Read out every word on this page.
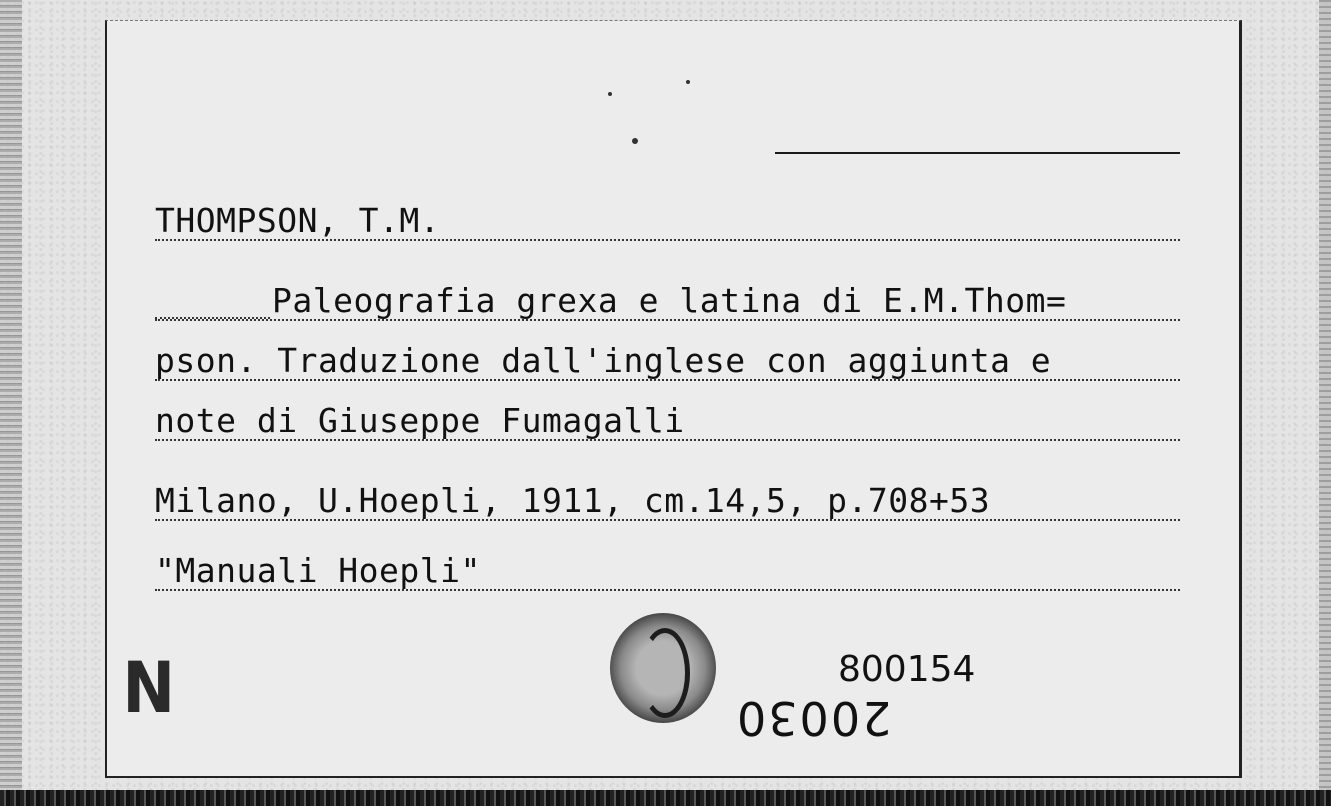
THOMPSON, T.M.
Paleografia grexa e latina di E.M.Thom=
pson. Traduzione dall'inglese con aggiunta e
note di Giuseppe Fumagalli
Milano, U.Hoepli, 1911, cm.14,5, p.708+53
"Manuali Hoepli"
N	800154
20030
